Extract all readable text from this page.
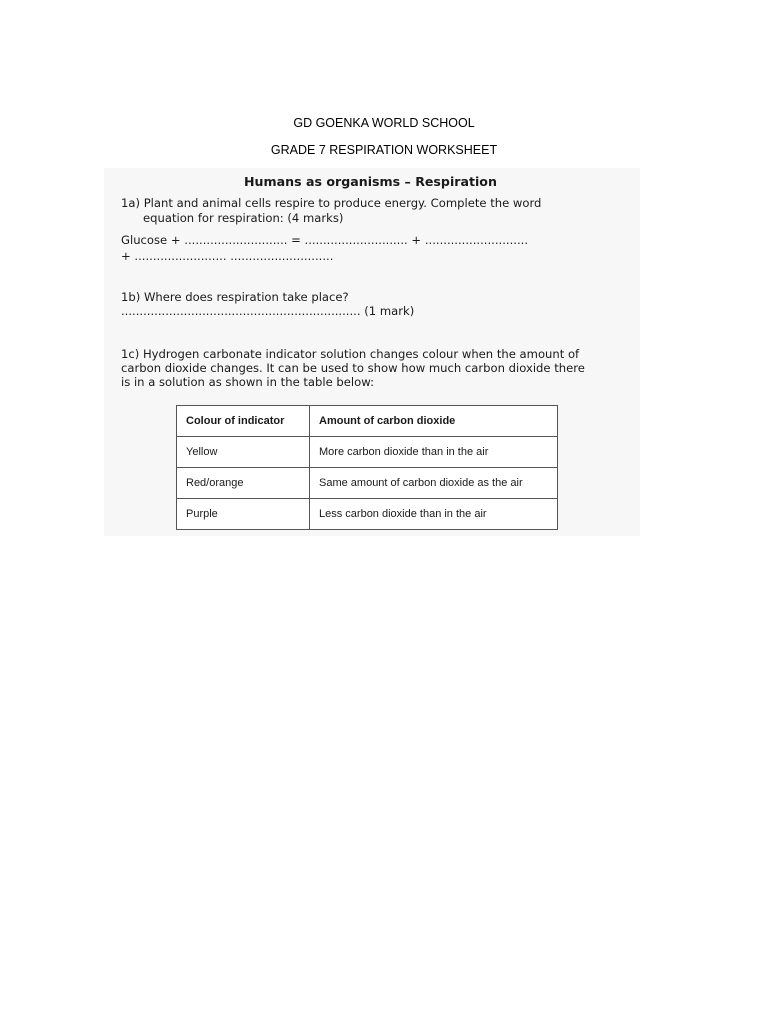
GD GOENKA WORLD SCHOOL
GRADE 7 RESPIRATION WORKSHEET
Humans as organisms – Respiration
1a) Plant and animal cells respire to produce energy. Complete the word
equation for respiration: (4 marks)
Glucose + ............................ = ............................ + ............................
+ ......................... ............................
1b) Where does respiration take place?
................................................................. (1 mark)
1c) Hydrogen carbonate indicator solution changes colour when the amount of
carbon dioxide changes. It can be used to show how much carbon dioxide there
is in a solution as shown in the table below:
Colour of indicator	Amount of carbon dioxide
Yellow	More carbon dioxide than in the air
Red/orange	Same amount of carbon dioxide as the air
Purple	Less carbon dioxide than in the air
